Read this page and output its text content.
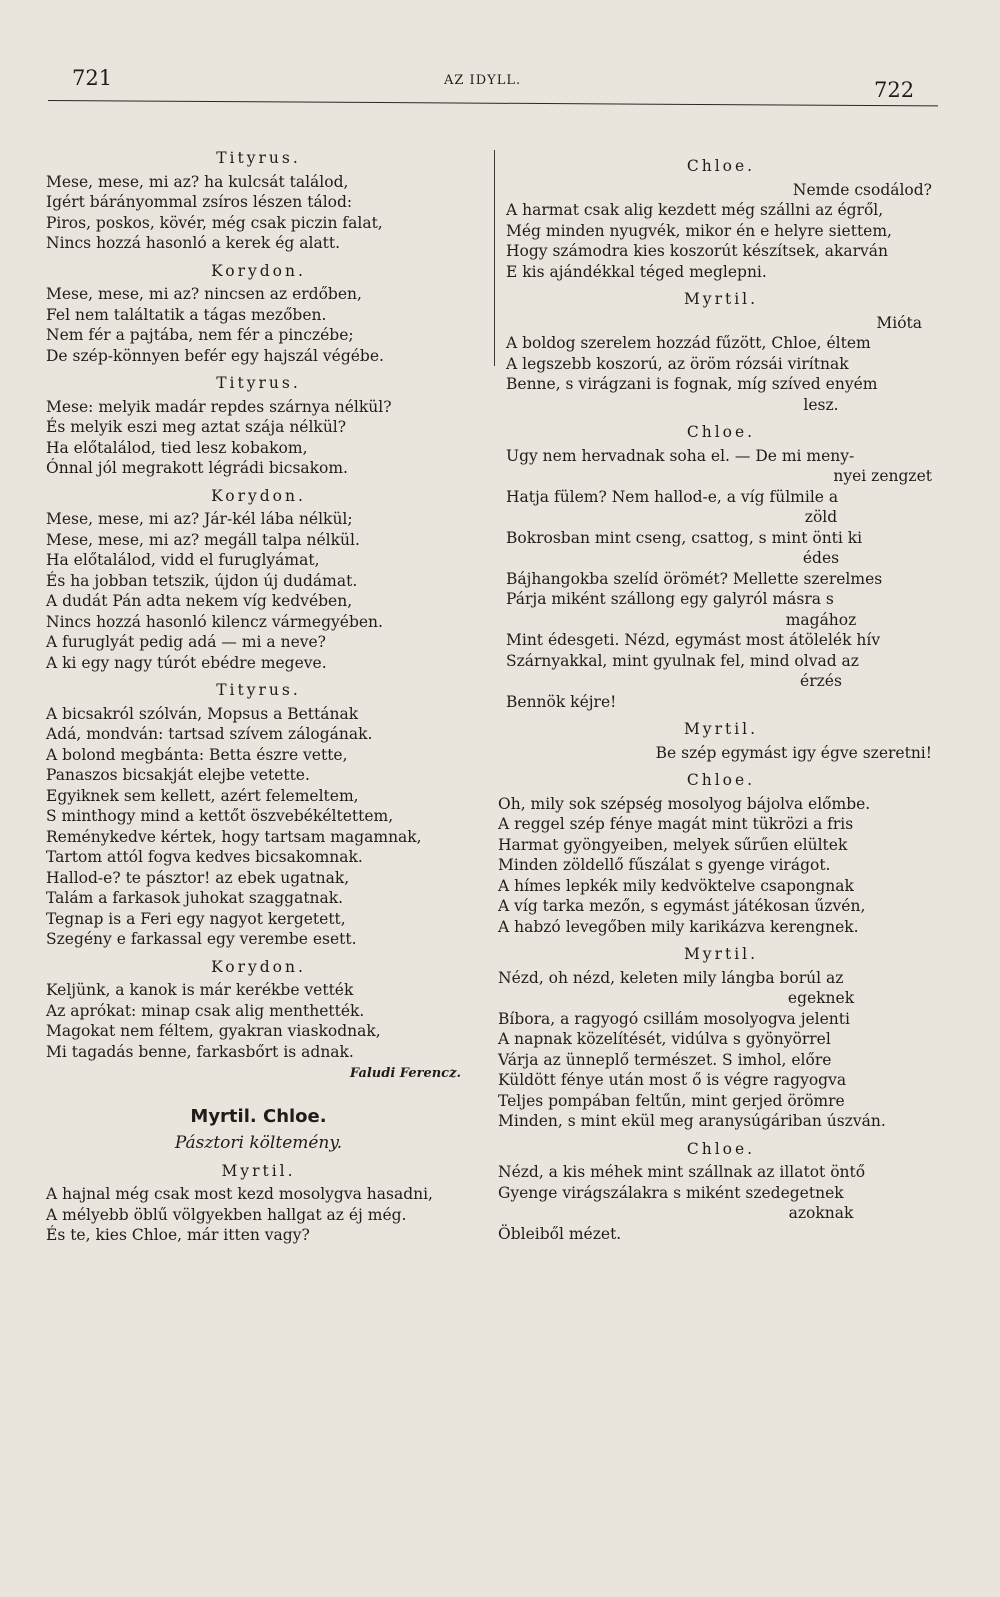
721	AZ IDYLL.	722
Tityrus.
Mese, mese, mi az? ha kulcsát találod,
Igért bárányommal zsíros lészen tálod:
Piros, poskos, kövér, még csak piczin falat,
Nincs hozzá hasonló a kerek ég alatt.
Korydon.
Mese, mese, mi az? nincsen az erdőben,
Fel nem találtatik a tágas mezőben.
Nem fér a pajtába, nem fér a pinczébe;
De szép-könnyen befér egy hajszál végébe.
Tityrus.
Mese: melyik madár repdes szárnya nélkül?
És melyik eszi meg aztat szája nélkül?
Ha előtalálod, tied lesz kobakom,
Ónnal jól megrakott légrádi bicsakom.
Korydon.
Mese, mese, mi az? Jár-kél lába nélkül;
Mese, mese, mi az? megáll talpa nélkül.
Ha előtalálod, vidd el furuglyámat,
És ha jobban tetszik, újdon új dudámat.
A dudát Pán adta nekem víg kedvében,
Nincs hozzá hasonló kilencz vármegyében.
A furuglyát pedig adá — mi a neve?
A ki egy nagy túrót ebédre megeve.
Tityrus.
A bicsakról szólván, Mopsus a Bettának
Adá, mondván: tartsad szívem zálogának.
A bolond megbánta: Betta észre vette,
Panaszos bicsakját elejbe vetette.
Egyiknek sem kellett, azért felemeltem,
S minthogy mind a kettőt öszvebékéltettem,
Reménykedve kértek, hogy tartsam magamnak,
Tartom attól fogva kedves bicsakomnak.
Hallod-e? te pásztor! az ebek ugatnak,
Talám a farkasok juhokat szaggatnak.
Tegnap is a Feri egy nagyot kergetett,
Szegény e farkassal egy verembe esett.
Korydon.
Keljünk, a kanok is már kerékbe vették
Az aprókat: minap csak alig menthették.
Magokat nem féltem, gyakran viaskodnak,
Mi tagadás benne, farkasbőrt is adnak.
Faludi Ferencz.
Myrtil. Chloe.
Pásztori költemény.
Myrtil.
A hajnal még csak most kezd mosolygva hasadni,
A mélyebb öblű völgyekben hallgat az éj még.
És te, kies Chloe, már itten vagy?
Chloe.
Nemde csodálod?
A harmat csak alig kezdett még szállni az égről,
Még minden nyugvék, mikor én e helyre siettem,
Hogy számodra kies koszorút készítsek, akarván
E kis ajándékkal téged meglepni.
Myrtil.
Mióta
A boldog szerelem hozzád fűzött, Chloe, éltem
A legszebb koszorú, az öröm rózsái virítnak
Benne, s virágzani is fognak, míg szíved enyém
lesz.
Chloe.
Ugy nem hervadnak soha el. — De mi meny-
nyei zengzet
Hatja fülem? Nem hallod-e, a víg fülmile a
zöld
Bokrosban mint cseng, csattog, s mint önti ki
édes
Bájhangokba szelíd örömét? Mellette szerelmes
Párja miként szállong egy galyról másra s
magához
Mint édesgeti. Nézd, egymást most átölelék hív
Szárnyakkal, mint gyulnak fel, mind olvad az
érzés
Bennök kéjre!
Myrtil.
Be szép egymást igy égve szeretni!
Chloe.
Oh, mily sok szépség mosolyog bájolva előmbe.
A reggel szép fénye magát mint tükrözi a fris
Harmat gyöngyeiben, melyek sűrűen elültek
Minden zöldellő fűszálat s gyenge virágot.
A hímes lepkék mily kedvöktelve csapongnak
A víg tarka mezőn, s egymást játékosan űzvén,
A habzó levegőben mily karikázva kerengnek.
Myrtil.
Nézd, oh nézd, keleten mily lángba borúl az
egeknek
Bíbora, a ragyogó csillám mosolyogva jelenti
A napnak közelítését, vidúlva s gyönyörrel
Várja az ünneplő természet. S imhol, előre
Küldött fénye után most ő is végre ragyogva
Teljes pompában feltűn, mint gerjed örömre
Minden, s mint ekül meg aranysúgáriban úszván.
Chloe.
Nézd, a kis méhek mint szállnak az illatot öntő
Gyenge virágszálakra s miként szedegetnek
azoknak
Öbleiből mézet.
